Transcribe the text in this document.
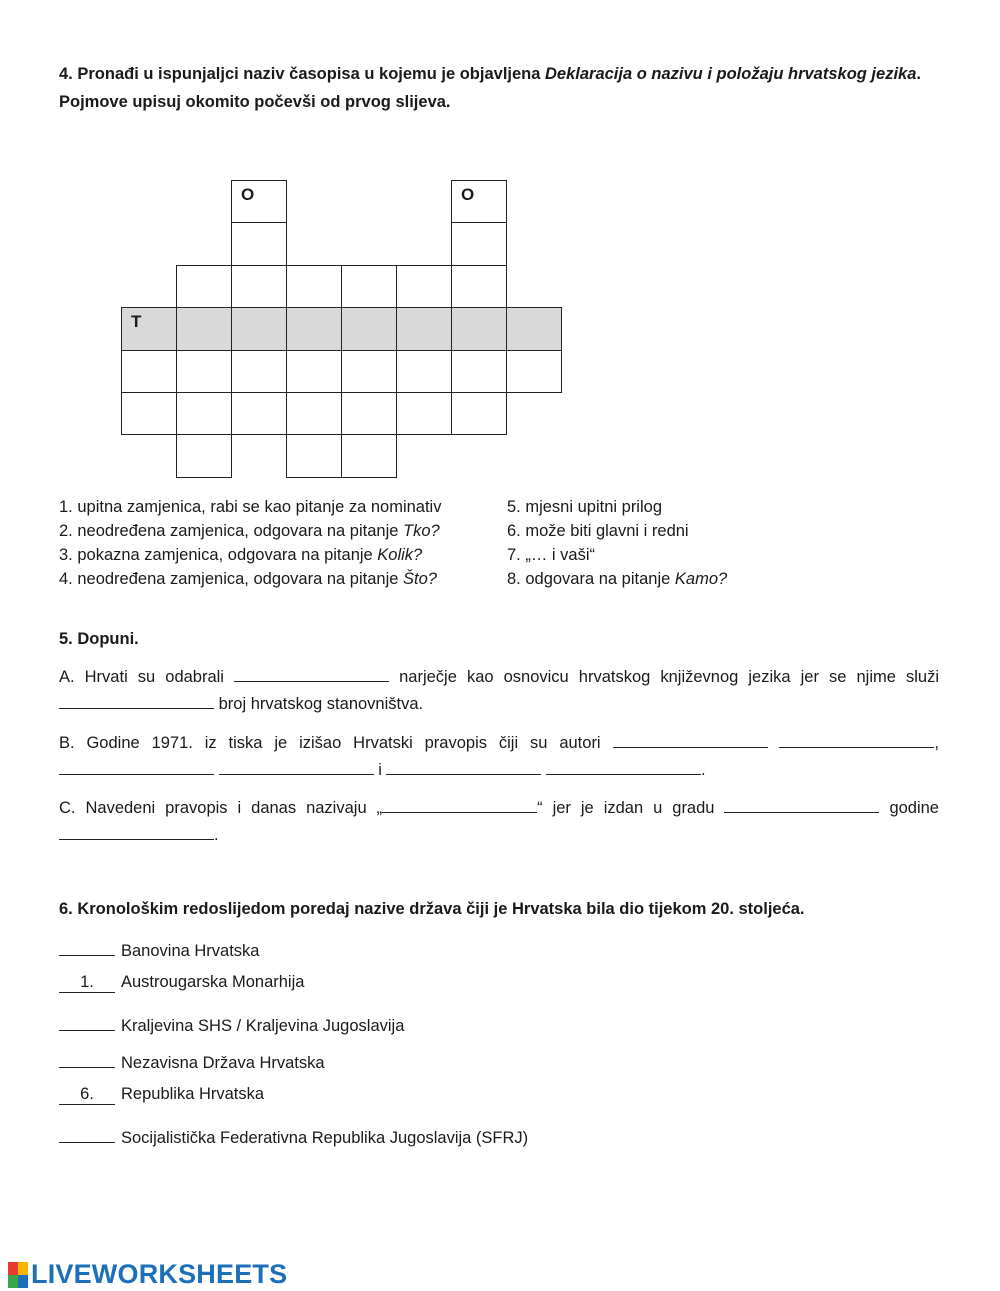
4. Pronađi u ispunjaljci naziv časopisa u kojemu je objavljena Deklaracija o nazivu i položaju hrvatskog jezika. Pojmove upisuj okomito počevši od prvog slijeva.
O	O
T
1. upitna zamjenica, rabi se kao pitanje za nominativ
2. neodređena zamjenica, odgovara na pitanje Tko?
3. pokazna zamjenica, odgovara na pitanje Kolik?
4. neodređena zamjenica, odgovara na pitanje Što?
5. mjesni upitni prilog
6. može biti glavni i redni
7. „… i vaši“
8. odgovara na pitanje Kamo?
5. Dopuni.
A. Hrvati su odabrali	narječje kao osnovicu hrvatskog književnog jezika jer se njime služi  broj hrvatskog stanovništva.
B. Godine 1971. iz tiska je izišao Hrvatski pravopis čiji su autori	,   i	.
C. Navedeni pravopis i danas nazivaju „	“ jer je izdan u gradu	godine .
6. Kronološkim redoslijedom poredaj nazive država čiji je Hrvatska bila dio tijekom 20. stoljeća.
Banovina Hrvatska
1. Austrougarska Monarhija
Kraljevina SHS / Kraljevina Jugoslavija
Nezavisna Država Hrvatska
6. Republika Hrvatska
Socijalistička Federativna Republika Jugoslavija (SFRJ)
LIVEWORKSHEETS
